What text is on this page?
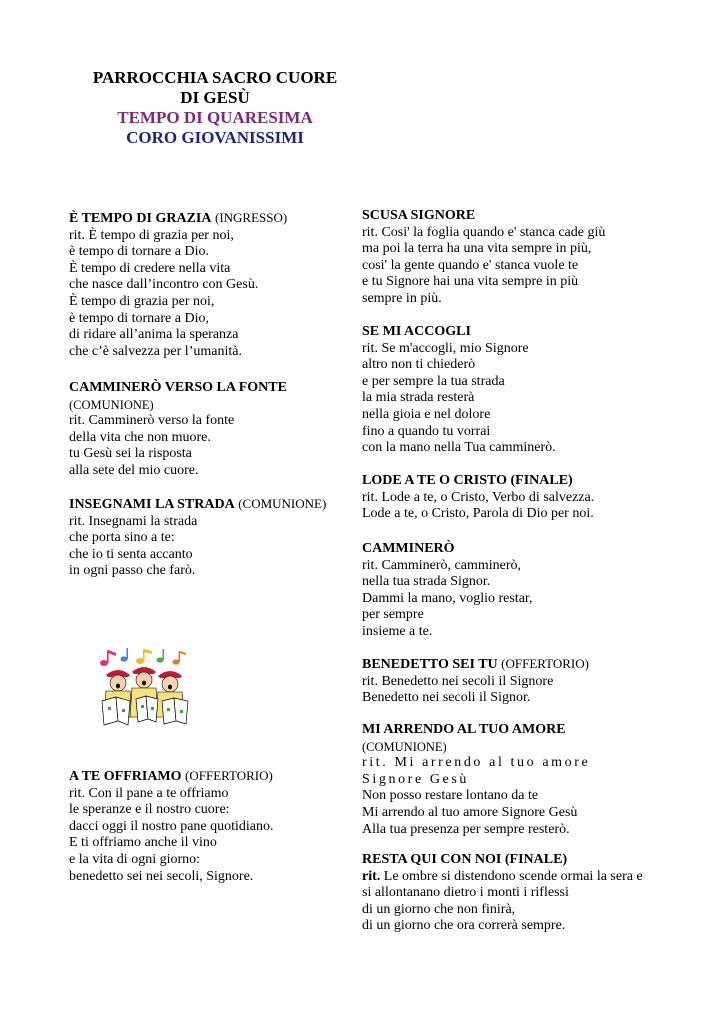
PARROCCHIA SACRO CUORE
DI GESÙ
TEMPO DI QUARESIMA
CORO GIOVANISSIMI
È TEMPO DI GRAZIA (INGRESSO)
rit. È tempo di grazia per noi,
è tempo di tornare a Dio.
È tempo di credere nella vita
che nasce dall’incontro con Gesù.
È tempo di grazia per noi,
è tempo di tornare a Dio,
di ridare all’anima la speranza
che c’è salvezza per l’umanità.
CAMMINERÒ VERSO LA FONTE
(COMUNIONE)
rit. Camminerò verso la fonte
della vita che non muore.
tu Gesù sei la risposta
alla sete del mio cuore.
INSEGNAMI LA STRADA (COMUNIONE)
rit. Insegnami la strada
che porta sino a te:
che io ti senta accanto
in ogni passo che farò.
A TE OFFRIAMO (OFFERTORIO)
rit. Con il pane a te offriamo
le speranze e il nostro cuore:
dacci oggi il nostro pane quotidiano.
E ti offriamo anche il vino
e la vita di ogni giorno:
benedetto sei nei secoli, Signore.
SCUSA SIGNORE
rit. Cosi' la foglia quando e' stanca cade giù
ma poi la terra ha una vita sempre in più,
cosi' la gente quando e' stanca vuole te
e tu Signore hai una vita sempre in più
sempre in più.
SE MI ACCOGLI
rit. Se m'accogli, mio Signore
altro non ti chiederò
e per sempre la tua strada
la mia strada resterà
nella gioia e nel dolore
fino a quando tu vorrai
con la mano nella Tua camminerò.
LODE A TE O CRISTO (FINALE)
rit. Lode a te, o Cristo, Verbo di salvezza.
Lode a te, o Cristo, Parola di Dio per noi.
CAMMINERÒ
rit. Camminerò, camminerò,
nella tua strada Signor.
Dammi la mano, voglio restar,
per sempre
insieme a te.
BENEDETTO SEI TU (OFFERTORIO)
rit. Benedetto nei secoli il Signore
Benedetto nei secoli il Signor.
MI ARRENDO AL TUO AMORE
(COMUNIONE)
rit. Mi arrendo al tuo amore
Signore Gesù
Non posso restare lontano da te
Mi arrendo al tuo amore Signore Gesù
Alla tua presenza per sempre resterò.
RESTA QUI CON NOI (FINALE)
rit. Le ombre si distendono scende ormai la sera e
si allontanano dietro i monti i riflessi
di un giorno che non finirà,
di un giorno che ora correrà sempre.
